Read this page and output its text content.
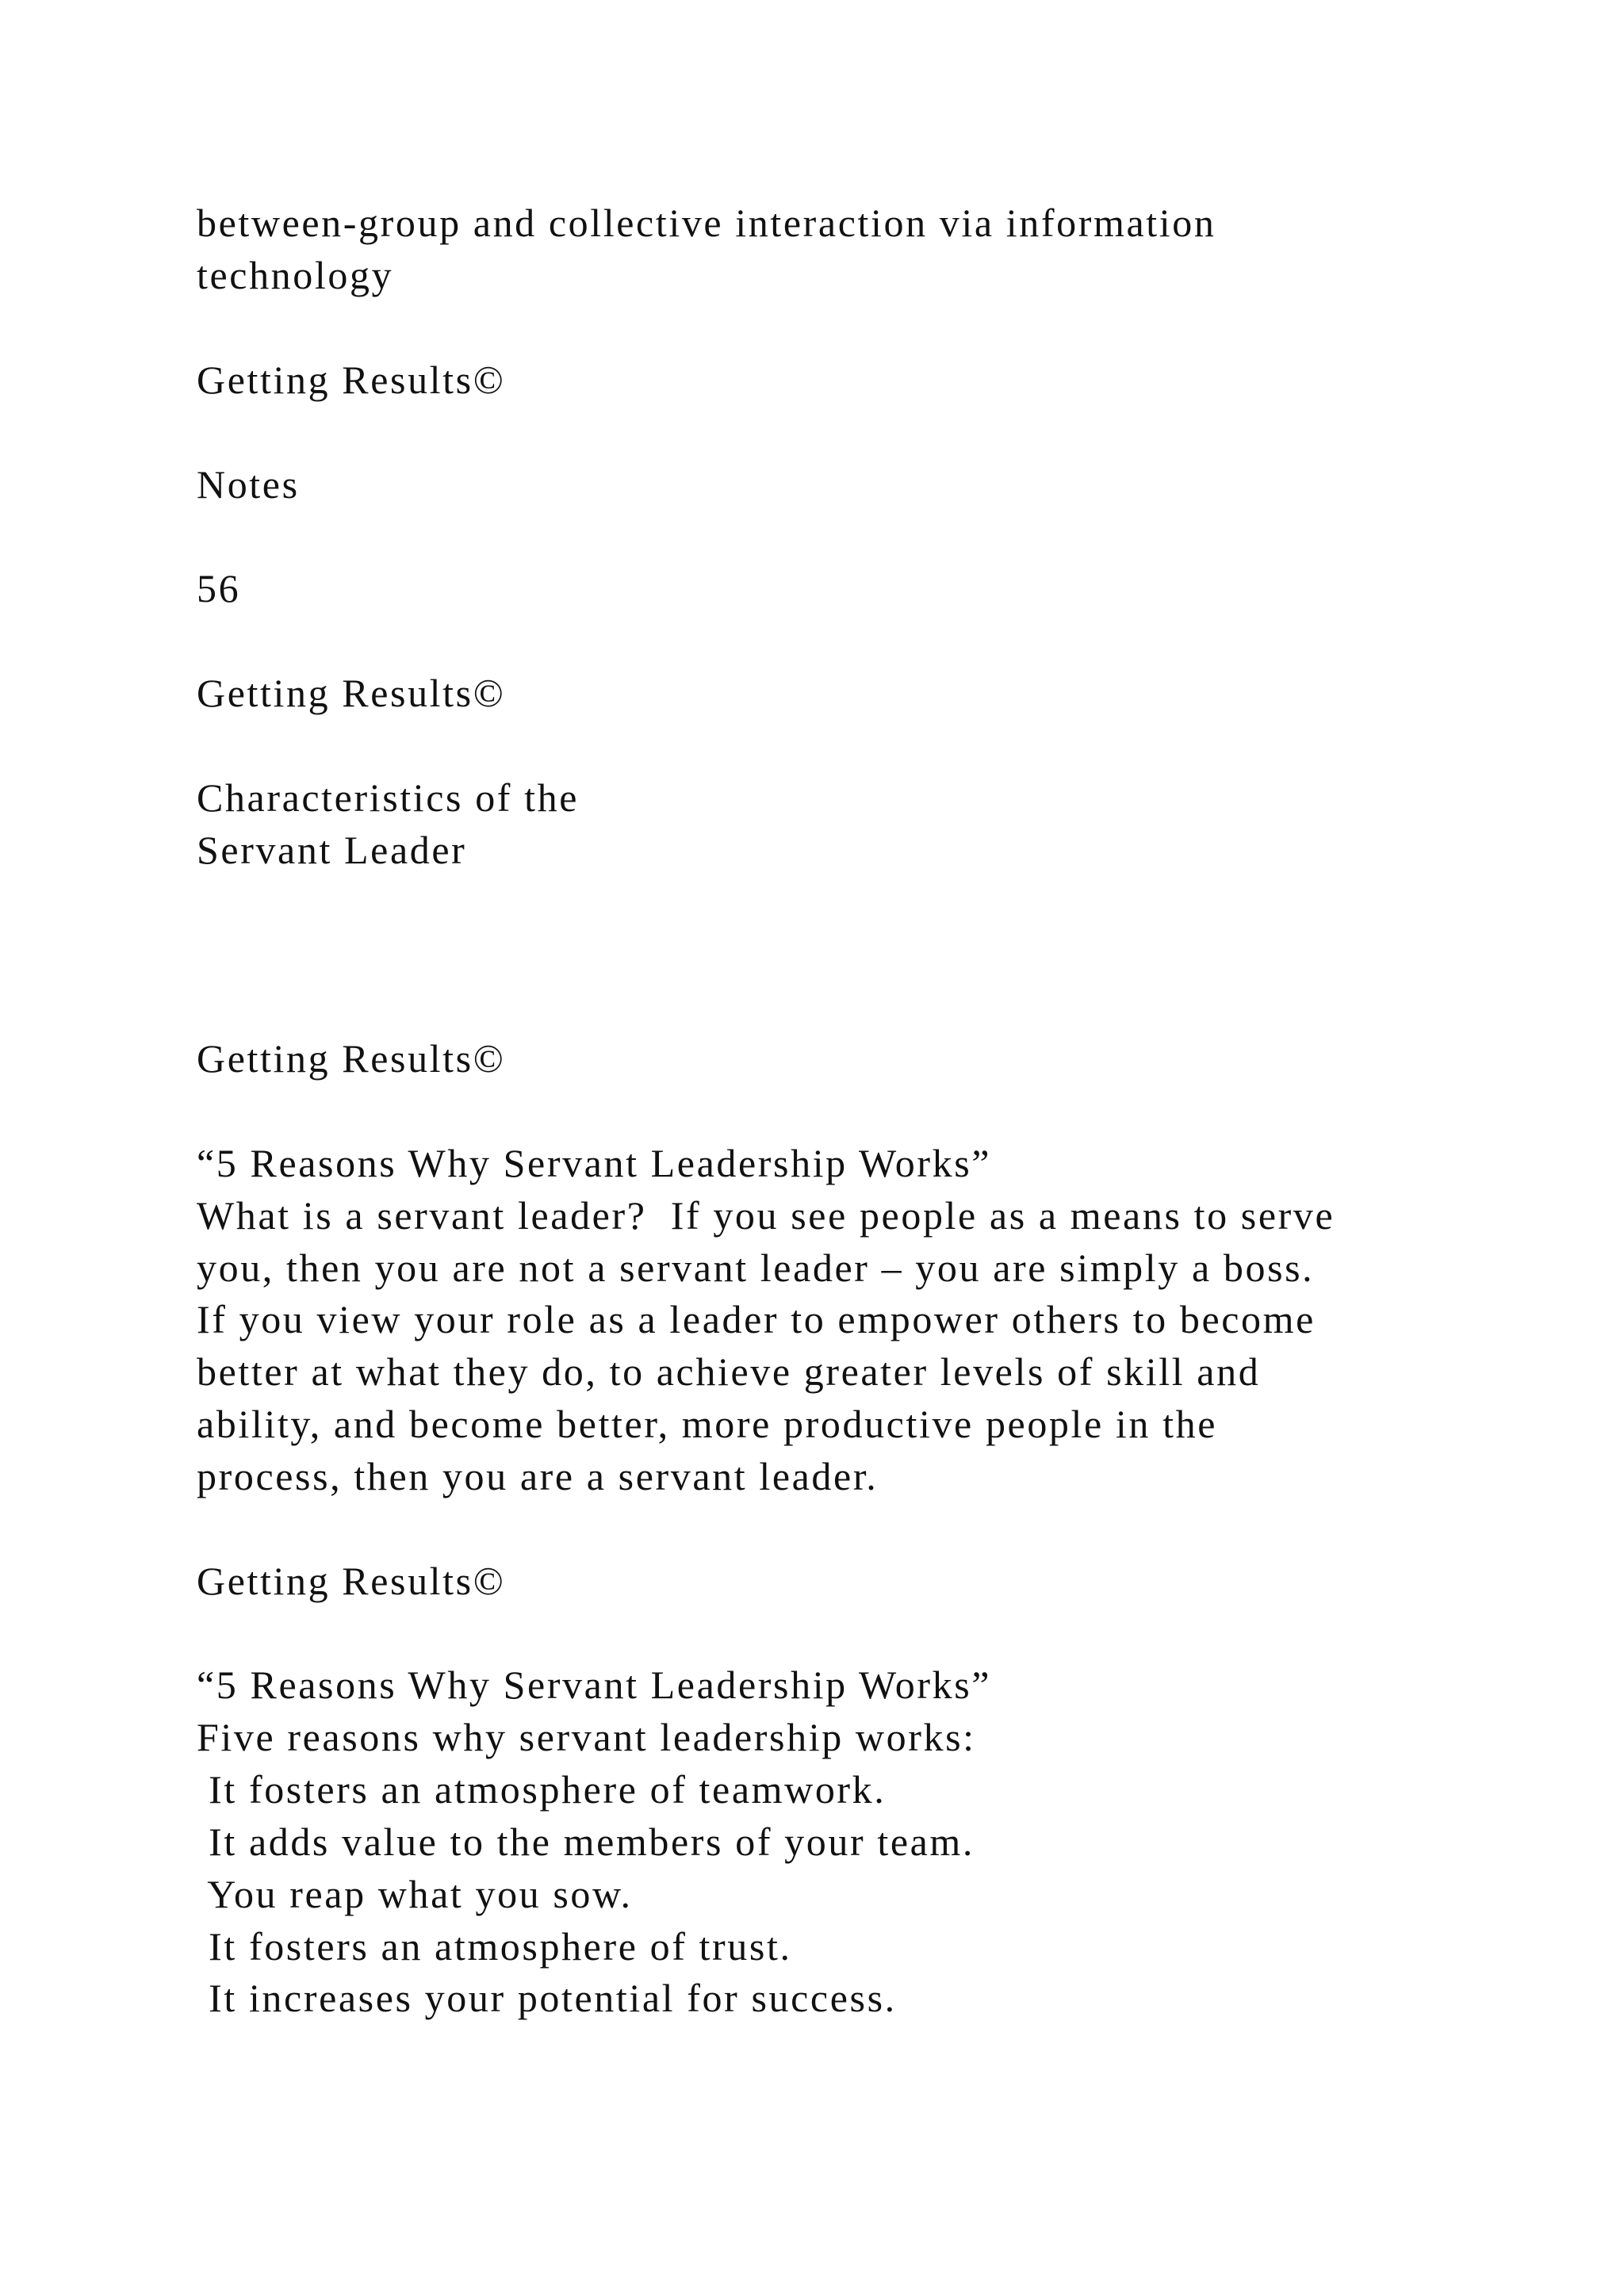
between-group and collective interaction via information

technology

Getting Results©

Notes

56

Getting Results©

Characteristics of the

Servant Leader

Getting Results©

“5 Reasons Why Servant Leadership Works”

What is a servant leader?  If you see people as a means to serve

you, then you are not a servant leader – you are simply a boss.

If you view your role as a leader to empower others to become

better at what they do, to achieve greater levels of skill and

ability, and become better, more productive people in the

process, then you are a servant leader.

Getting Results©

“5 Reasons Why Servant Leadership Works”

Five reasons why servant leadership works:

It fosters an atmosphere of teamwork.

It adds value to the members of your team.

You reap what you sow.

It fosters an atmosphere of trust.

It increases your potential for success.
